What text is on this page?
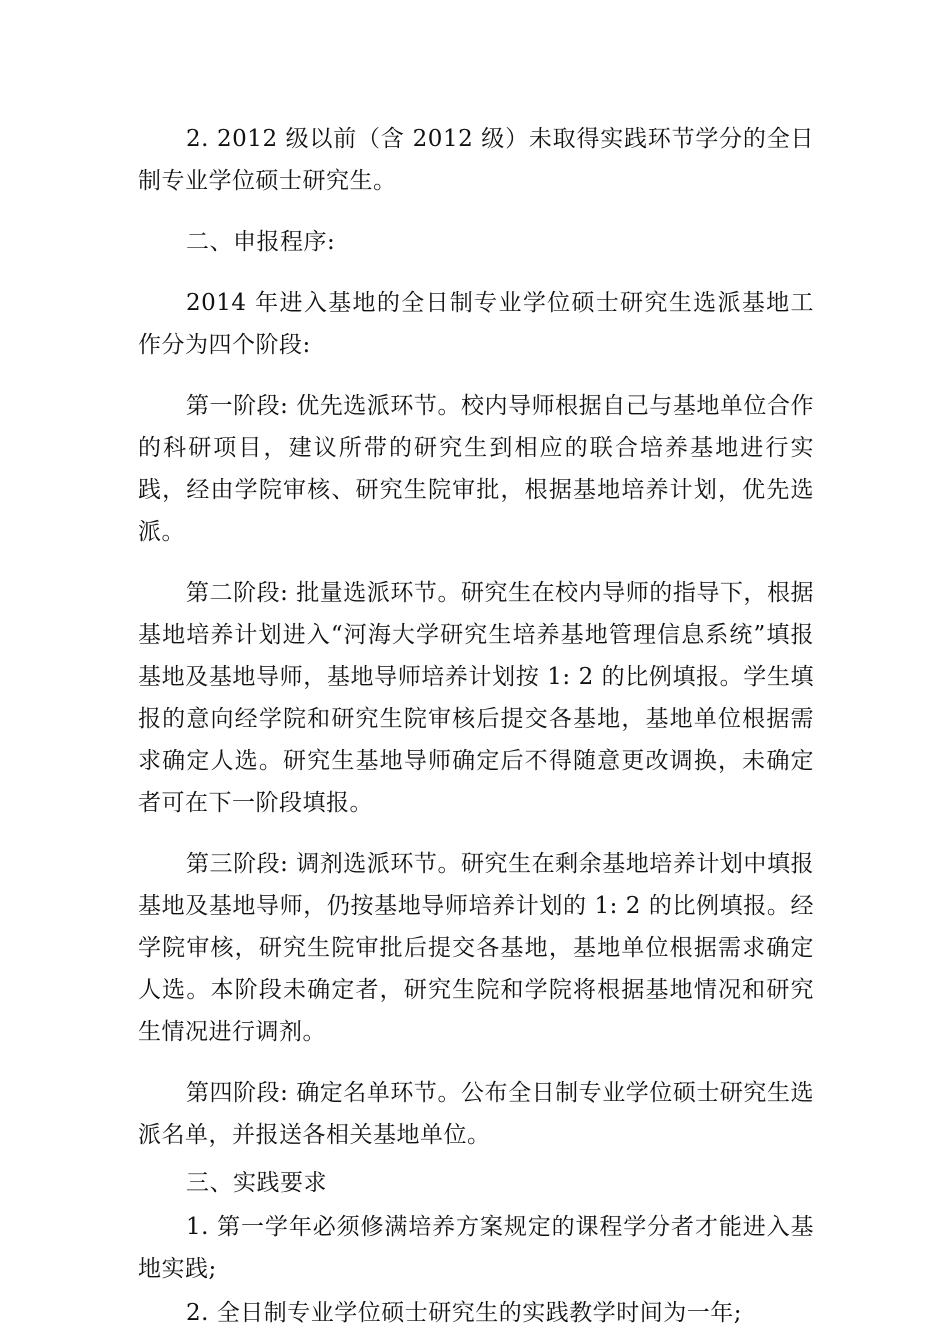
2. 2012 级以前（含 2012 级）未取得实践环节学分的全日制专业学位硕士研究生。

二、申报程序:

2014 年进入基地的全日制专业学位硕士研究生选派基地工作分为四个阶段:

第一阶段: 优先选派环节。校内导师根据自己与基地单位合作的科研项目，建议所带的研究生到相应的联合培养基地进行实践，经由学院审核、研究生院审批，根据基地培养计划，优先选派。

第二阶段: 批量选派环节。研究生在校内导师的指导下，根据基地培养计划进入“河海大学研究生培养基地管理信息系统”填报基地及基地导师，基地导师培养计划按 1: 2 的比例填报。学生填报的意向经学院和研究生院审核后提交各基地，基地单位根据需求确定人选。研究生基地导师确定后不得随意更改调换，未确定者可在下一阶段填报。

第三阶段: 调剂选派环节。研究生在剩余基地培养计划中填报基地及基地导师，仍按基地导师培养计划的 1: 2 的比例填报。经学院审核，研究生院审批后提交各基地，基地单位根据需求确定人选。本阶段未确定者，研究生院和学院将根据基地情况和研究生情况进行调剂。

第四阶段: 确定名单环节。公布全日制专业学位硕士研究生选派名单，并报送各相关基地单位。

三、实践要求

1. 第一学年必须修满培养方案规定的课程学分者才能进入基地实践;

2. 全日制专业学位硕士研究生的实践教学时间为一年;
